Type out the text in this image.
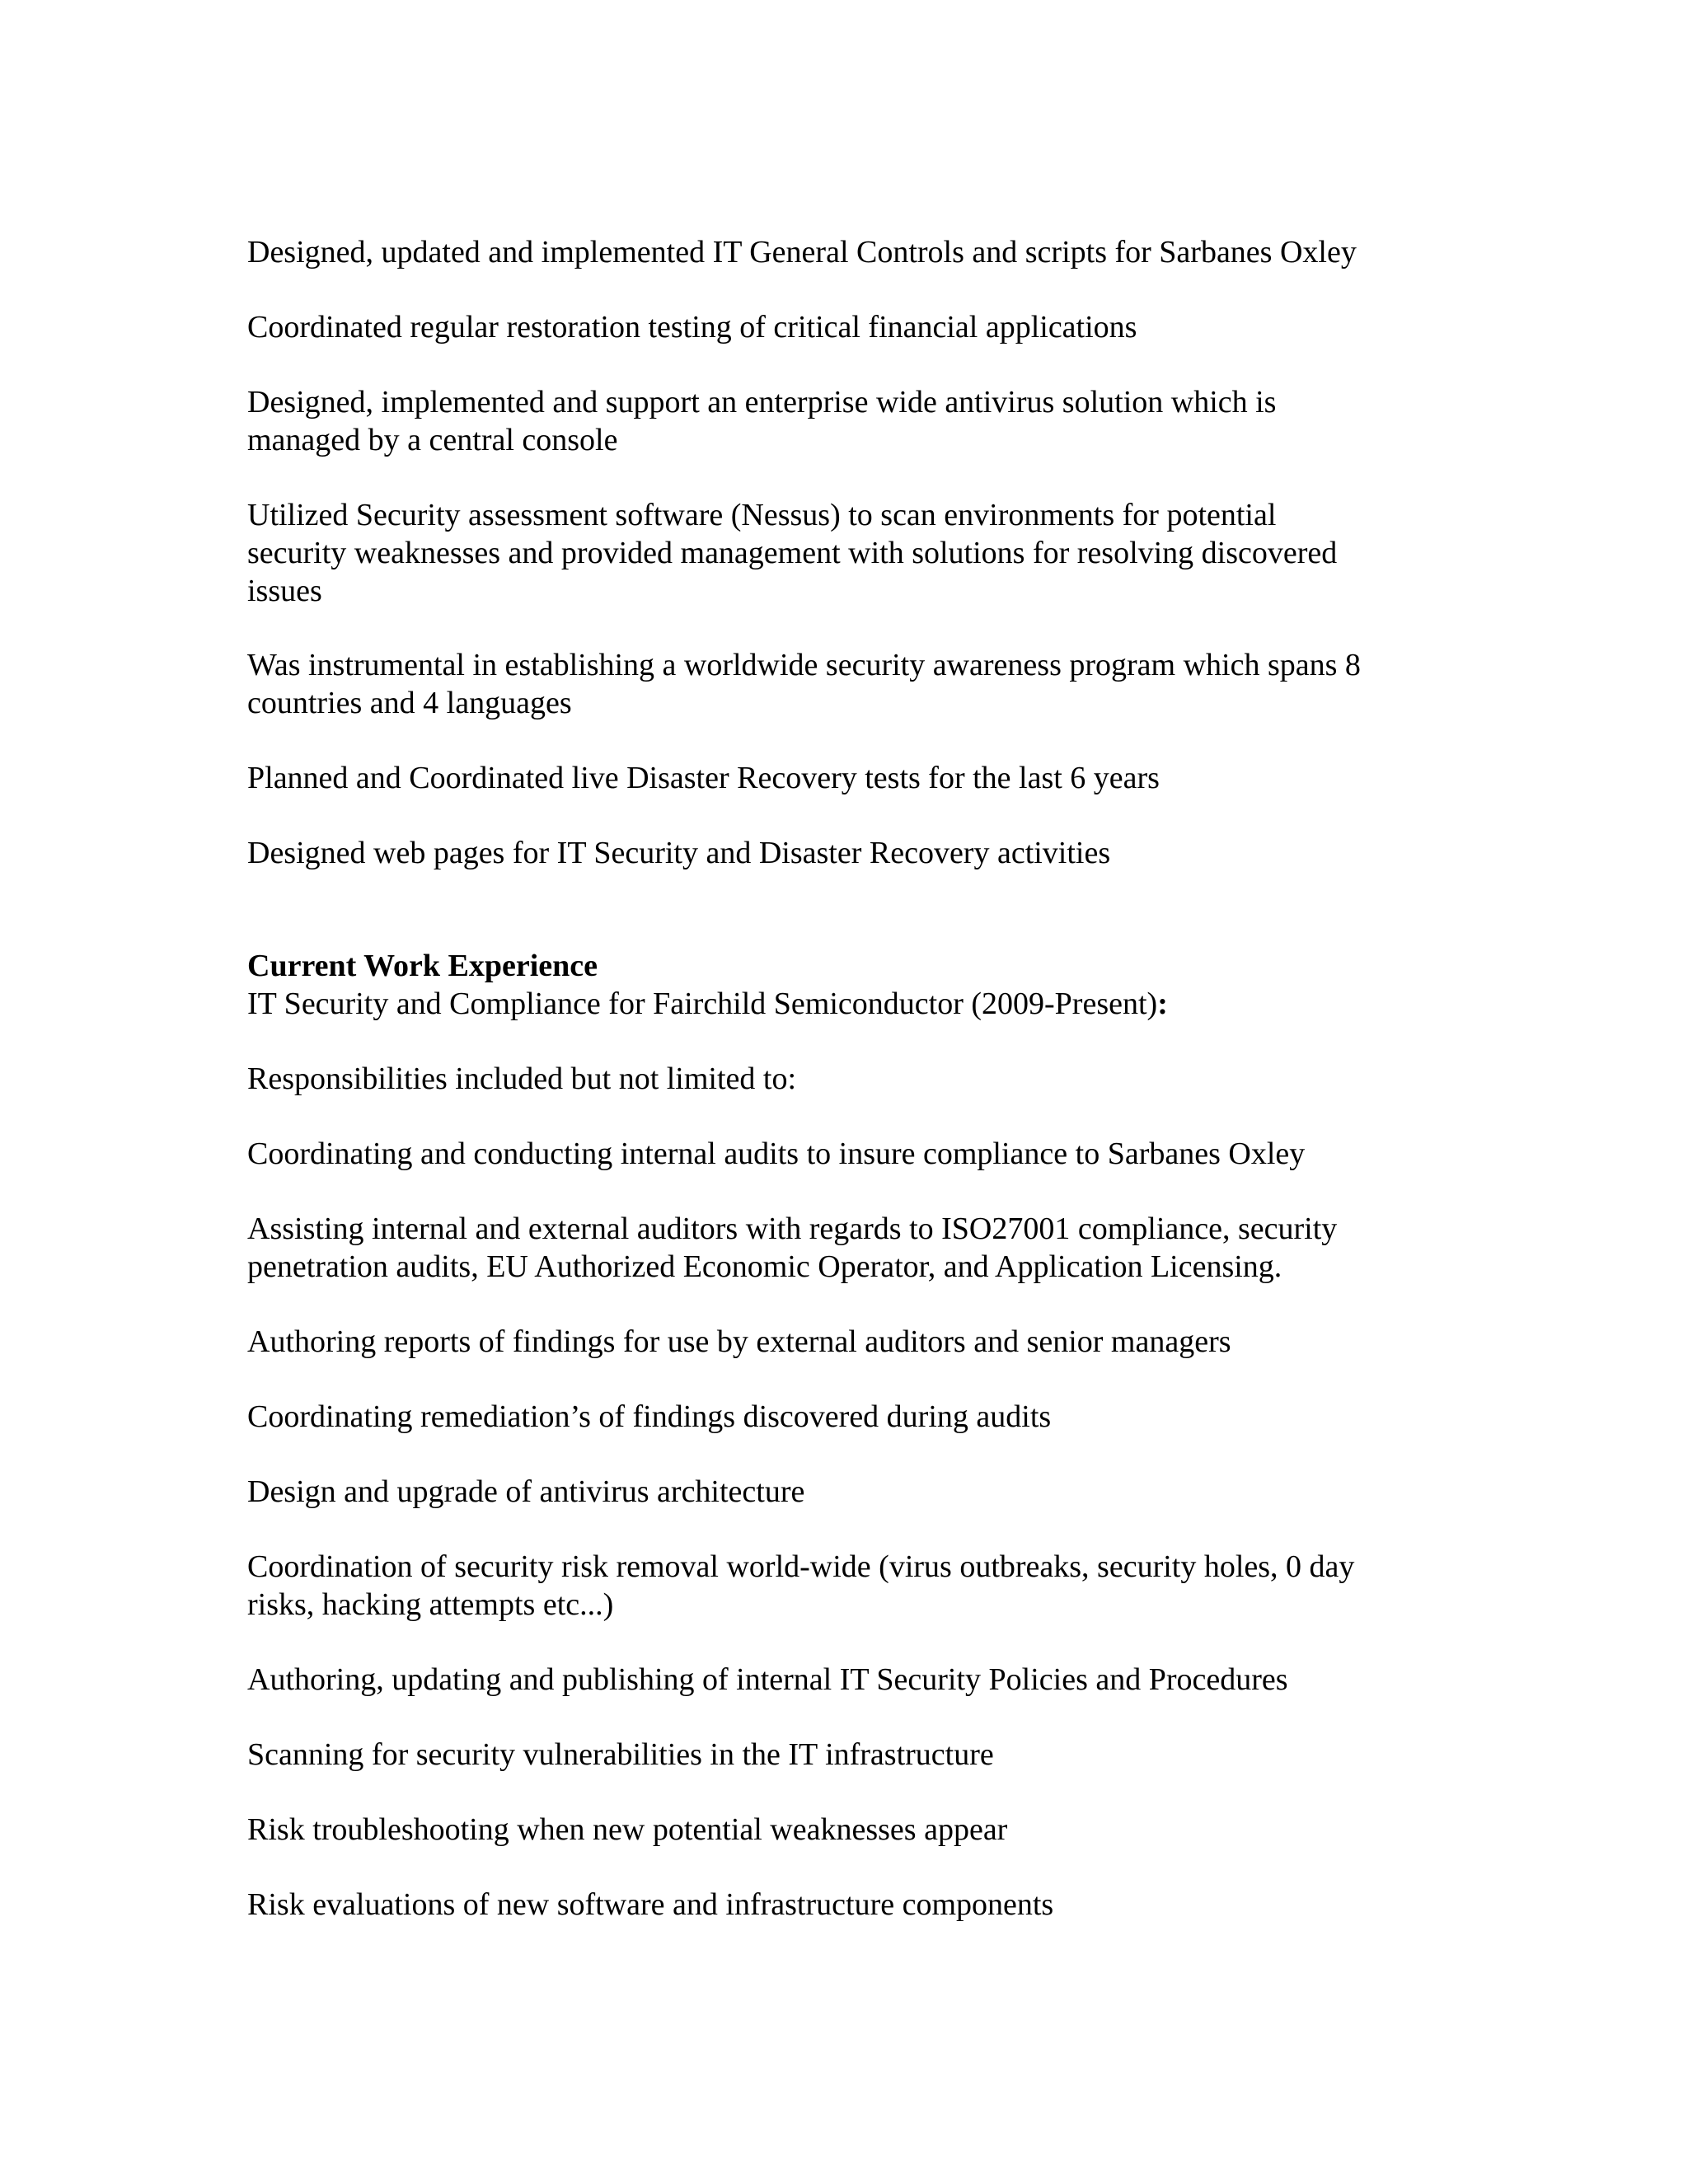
Designed, updated and implemented IT General Controls and scripts for Sarbanes Oxley
Coordinated regular restoration testing of critical financial applications
Designed, implemented and support an enterprise wide antivirus solution which is
managed by a central console
Utilized Security assessment software (Nessus) to scan environments for potential
security weaknesses and provided management with solutions for resolving discovered
issues
Was instrumental in establishing a worldwide security awareness program which spans 8
countries and 4 languages
Planned and Coordinated live Disaster Recovery tests for the last 6 years
Designed web pages for IT Security and Disaster Recovery activities
Current Work Experience
IT Security and Compliance for Fairchild Semiconductor (2009-Present):
Responsibilities included but not limited to:
Coordinating and conducting internal audits to insure compliance to Sarbanes Oxley
Assisting internal and external auditors with regards to ISO27001 compliance, security
penetration audits, EU Authorized Economic Operator, and Application Licensing.
Authoring reports of findings for use by external auditors and senior managers
Coordinating remediation’s of findings discovered during audits
Design and upgrade of antivirus architecture
Coordination of security risk removal world-wide (virus outbreaks, security holes, 0 day
risks, hacking attempts etc...)
Authoring, updating and publishing of internal IT Security Policies and Procedures
Scanning for security vulnerabilities in the IT infrastructure
Risk troubleshooting when new potential weaknesses appear
Risk evaluations of new software and infrastructure components
